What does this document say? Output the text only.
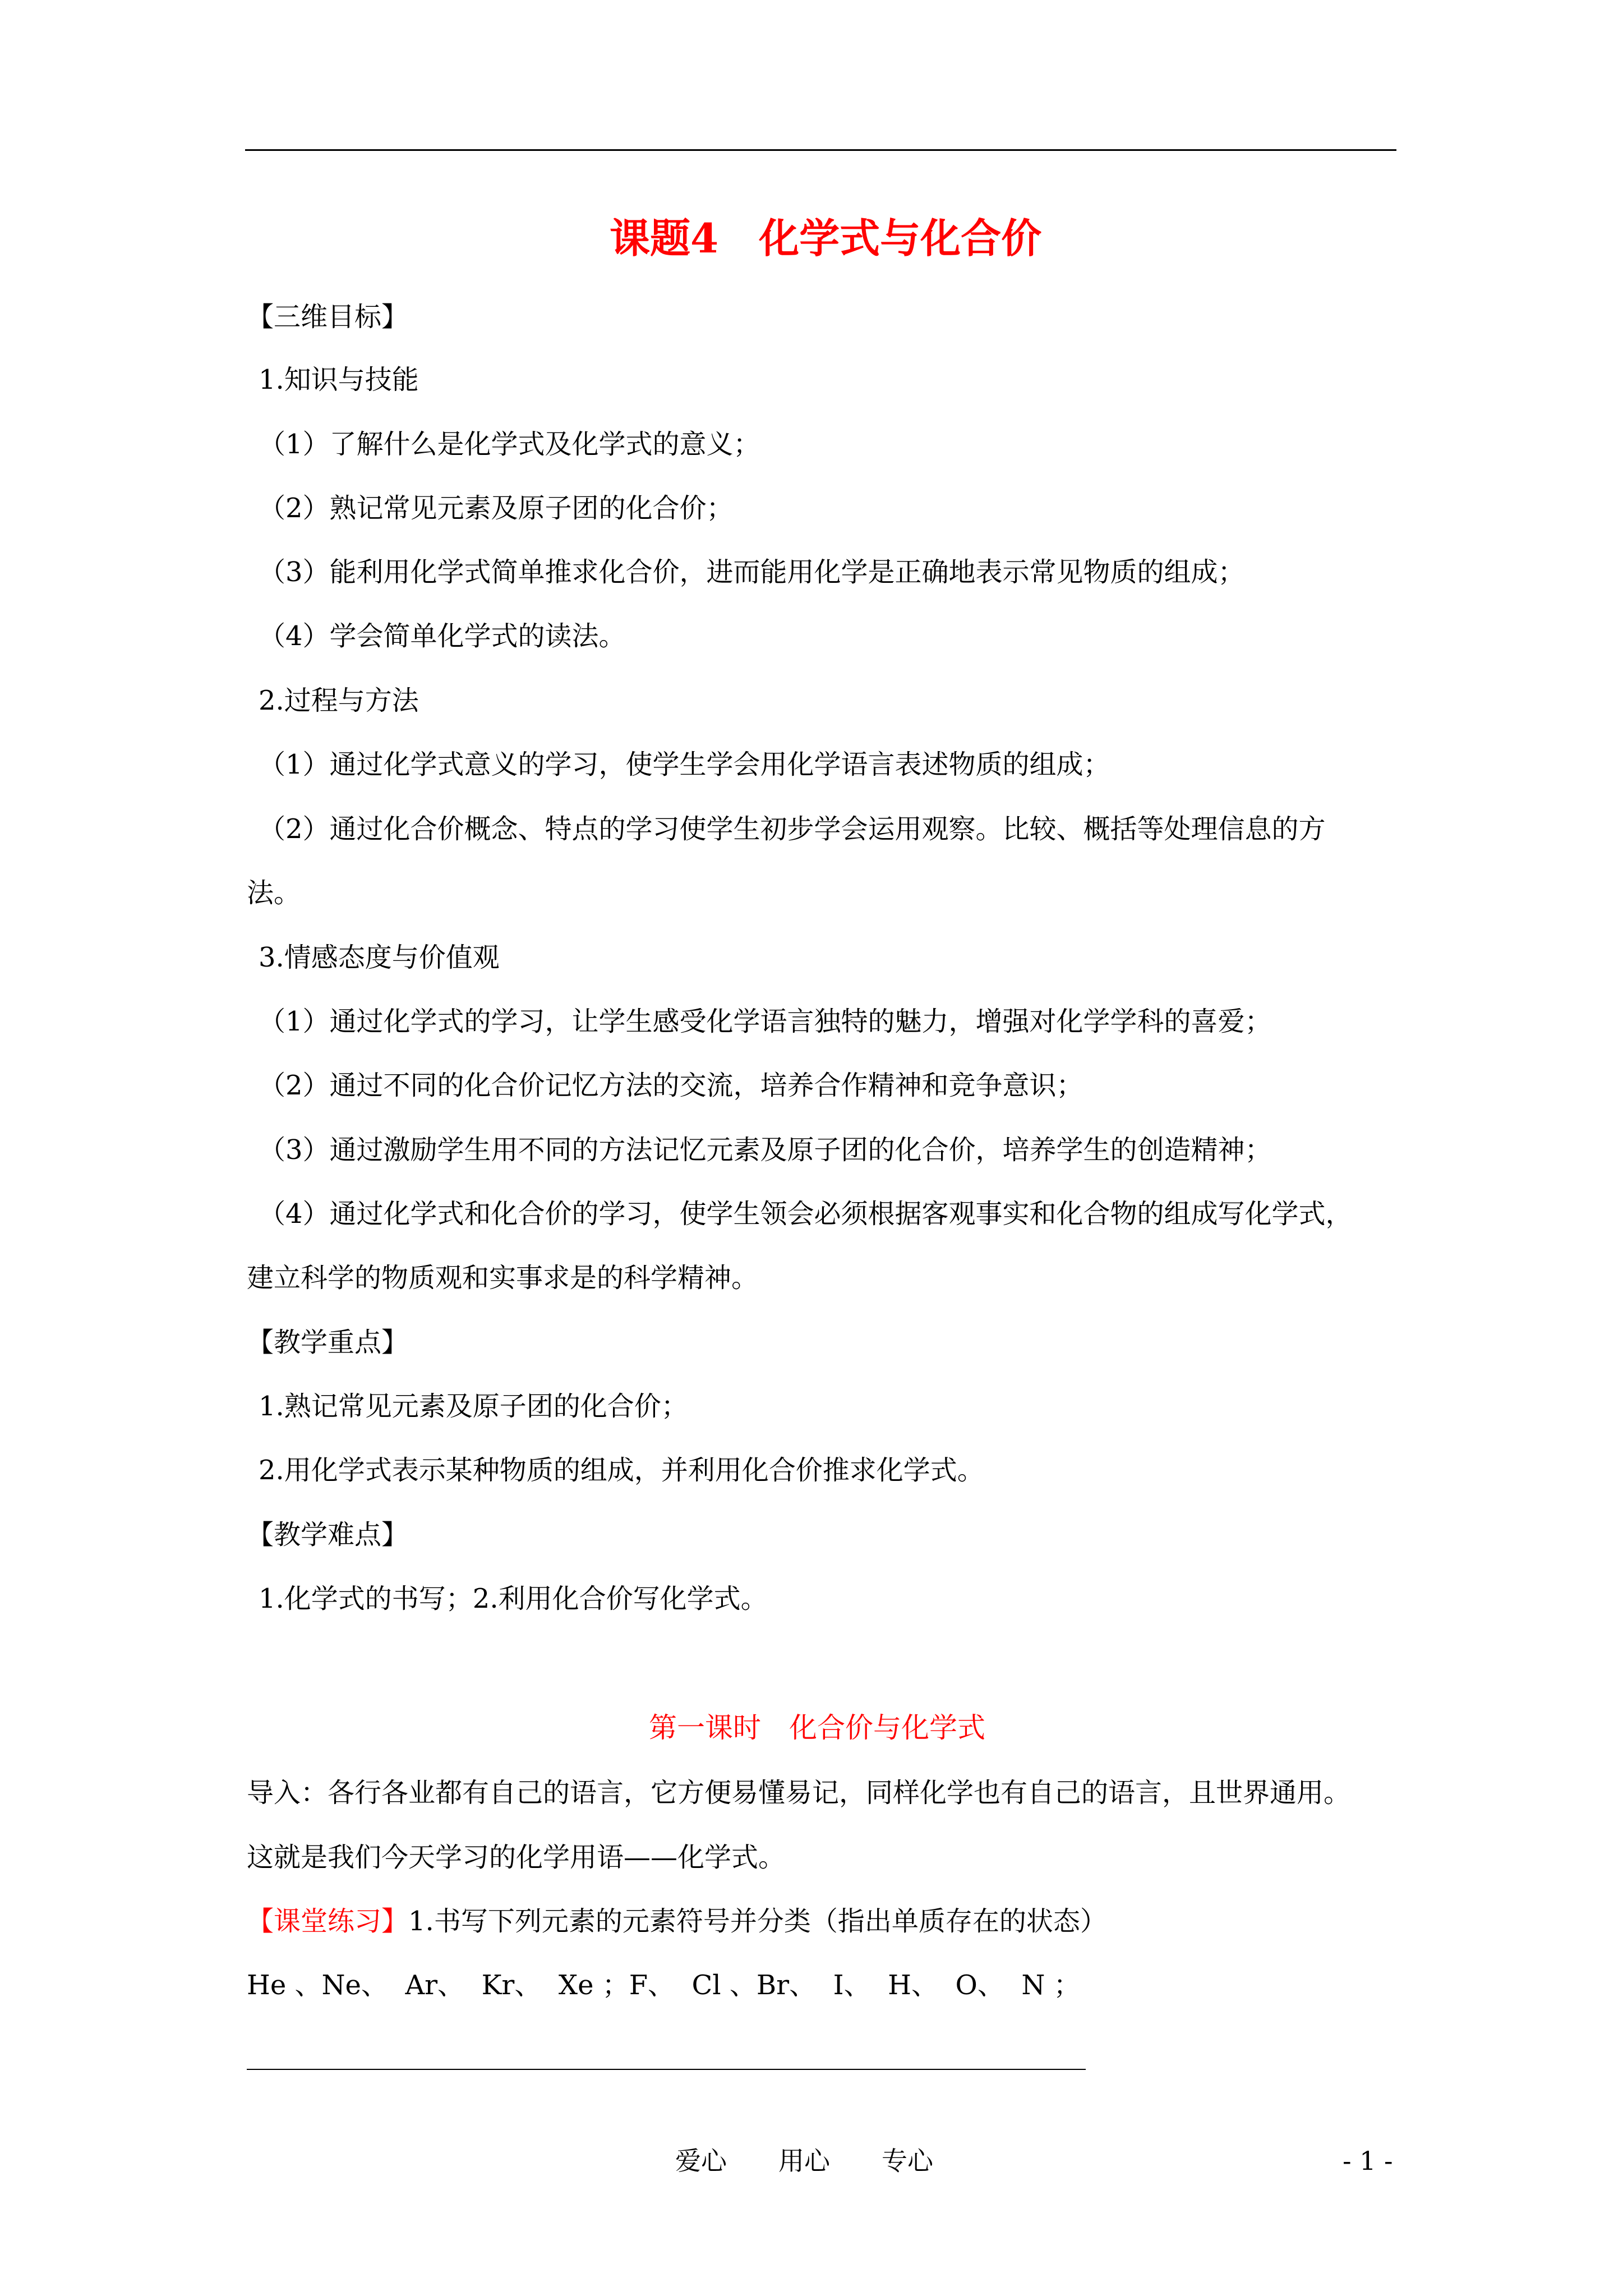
课题4　化学式与化合价
【三维目标】
1.知识与技能
（1）了解什么是化学式及化学式的意义；
（2）熟记常见元素及原子团的化合价；
（3）能利用化学式简单推求化合价，进而能用化学是正确地表示常见物质的组成；
（4）学会简单化学式的读法。
2.过程与方法
（1）通过化学式意义的学习，使学生学会用化学语言表述物质的组成；
（2）通过化合价概念、特点的学习使学生初步学会运用观察。比较、概括等处理信息的方
法。
3.情感态度与价值观
（1）通过化学式的学习，让学生感受化学语言独特的魅力，增强对化学学科的喜爱；
（2）通过不同的化合价记忆方法的交流，培养合作精神和竞争意识；
（3）通过激励学生用不同的方法记忆元素及原子团的化合价，培养学生的创造精神；
（4）通过化学式和化合价的学习，使学生领会必须根据客观事实和化合物的组成写化学式，
建立科学的物质观和实事求是的科学精神。
【教学重点】
1.熟记常见元素及原子团的化合价；
2.用化学式表示某种物质的组成，并利用化合价推求化学式。
【教学难点】
1.化学式的书写；2.利用化合价写化学式。
第一课时　化合价与化学式
导入：各行各业都有自己的语言，它方便易懂易记，同样化学也有自己的语言，且世界通用。
这就是我们今天学习的化学用语——化学式。
【课堂练习】1.书写下列元素的元素符号并分类（指出单质存在的状态）
He 、Ne、  Ar、  Kr、  Xe ；F、  Cl 、Br、  I、  H、  O、  N ；
爱心　　用心　　专心	- 1 -
